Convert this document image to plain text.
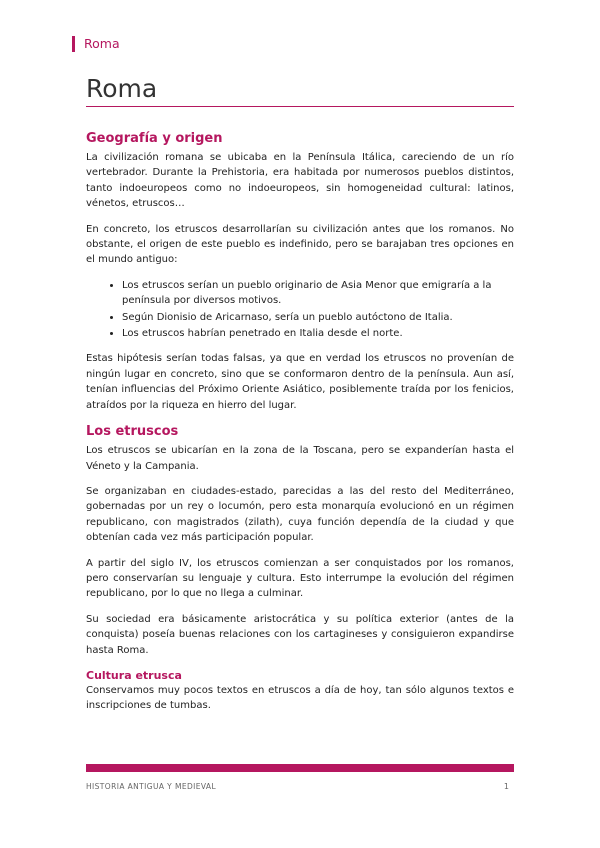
Roma
Roma
Geografía y origen

La civilización romana se ubicaba en la Península Itálica, careciendo de un río vertebrador. Durante la Prehistoria, era habitada por numerosos pueblos distintos, tanto indoeuropeos como no indoeuropeos, sin homogeneidad cultural: latinos, vénetos, etruscos…

En concreto, los etruscos desarrollarían su civilización antes que los romanos. No obstante, el origen de este pueblo es indefinido, pero se barajaban tres opciones en el mundo antiguo:

• Los etruscos serían un pueblo originario de Asia Menor que emigraría a la península por diversos motivos.
• Según Dionisio de Aricarnaso, sería un pueblo autóctono de Italia.
• Los etruscos habrían penetrado en Italia desde el norte.

Estas hipótesis serían todas falsas, ya que en verdad los etruscos no provenían de ningún lugar en concreto, sino que se conformaron dentro de la península. Aun así, tenían influencias del Próximo Oriente Asiático, posiblemente traída por los fenicios, atraídos por la riqueza en hierro del lugar.

Los etruscos

Los etruscos se ubicarían en la zona de la Toscana, pero se expanderían hasta el Véneto y la Campania.

Se organizaban en ciudades-estado, parecidas a las del resto del Mediterráneo, gobernadas por un rey o locumón, pero esta monarquía evolucionó en un régimen republicano, con magistrados (zilath), cuya función dependía de la ciudad y que obtenían cada vez más participación popular.

A partir del siglo IV, los etruscos comienzan a ser conquistados por los romanos, pero conservarían su lenguaje y cultura. Esto interrumpe la evolución del régimen republicano, por lo que no llega a culminar.

Su sociedad era básicamente aristocrática y su política exterior (antes de la conquista) poseía buenas relaciones con los cartagineses y consiguieron expandirse hasta Roma.

Cultura etrusca

Conservamos muy pocos textos en etruscos a día de hoy, tan sólo algunos textos e inscripciones de tumbas.

HISTORIA ANTIGUA Y MEDIEVAL	1
